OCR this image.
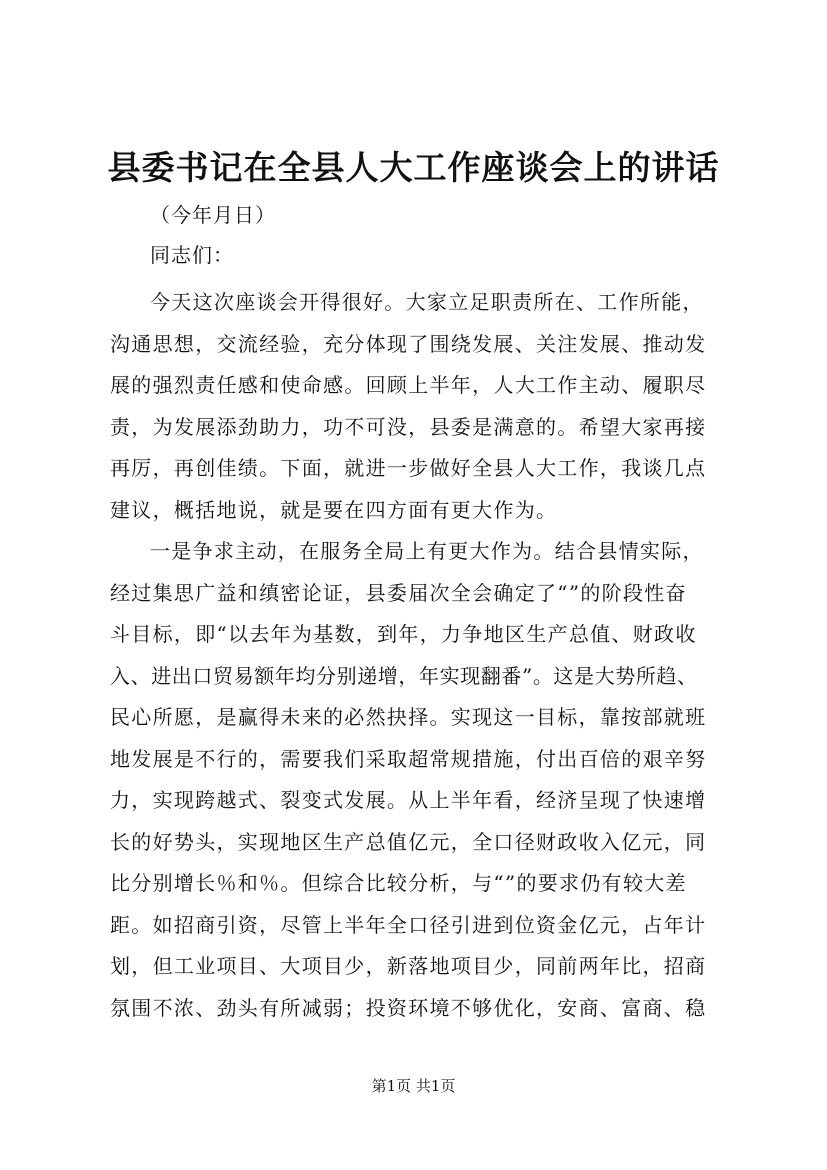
县委书记在全县人大工作座谈会上的讲话

（今年月日）

同志们：

今天这次座谈会开得很好。大家立足职责所在、工作所能，
沟通思想，交流经验，充分体现了围绕发展、关注发展、推动发
展的强烈责任感和使命感。回顾上半年，人大工作主动、履职尽
责，为发展添劲助力，功不可没，县委是满意的。希望大家再接
再厉，再创佳绩。下面，就进一步做好全县人大工作，我谈几点
建议，概括地说，就是要在四方面有更大作为。
一是争求主动，在服务全局上有更大作为。结合县情实际，
经过集思广益和缜密论证，县委届次全会确定了“”的阶段性奋
斗目标，即“以去年为基数，到年，力争地区生产总值、财政收
入、进出口贸易额年均分别递增，年实现翻番”。这是大势所趋、
民心所愿，是赢得未来的必然抉择。实现这一目标，靠按部就班
地发展是不行的，需要我们采取超常规措施，付出百倍的艰辛努
力，实现跨越式、裂变式发展。从上半年看，经济呈现了快速增
长的好势头，实现地区生产总值亿元，全口径财政收入亿元，同
比分别增长％和％。但综合比较分析，与“”的要求仍有较大差
距。如招商引资，尽管上半年全口径引进到位资金亿元，占年计
划，但工业项目、大项目少，新落地项目少，同前两年比，招商
氛围不浓、劲头有所减弱；投资环境不够优化，安商、富商、稳

第1页 共1页
